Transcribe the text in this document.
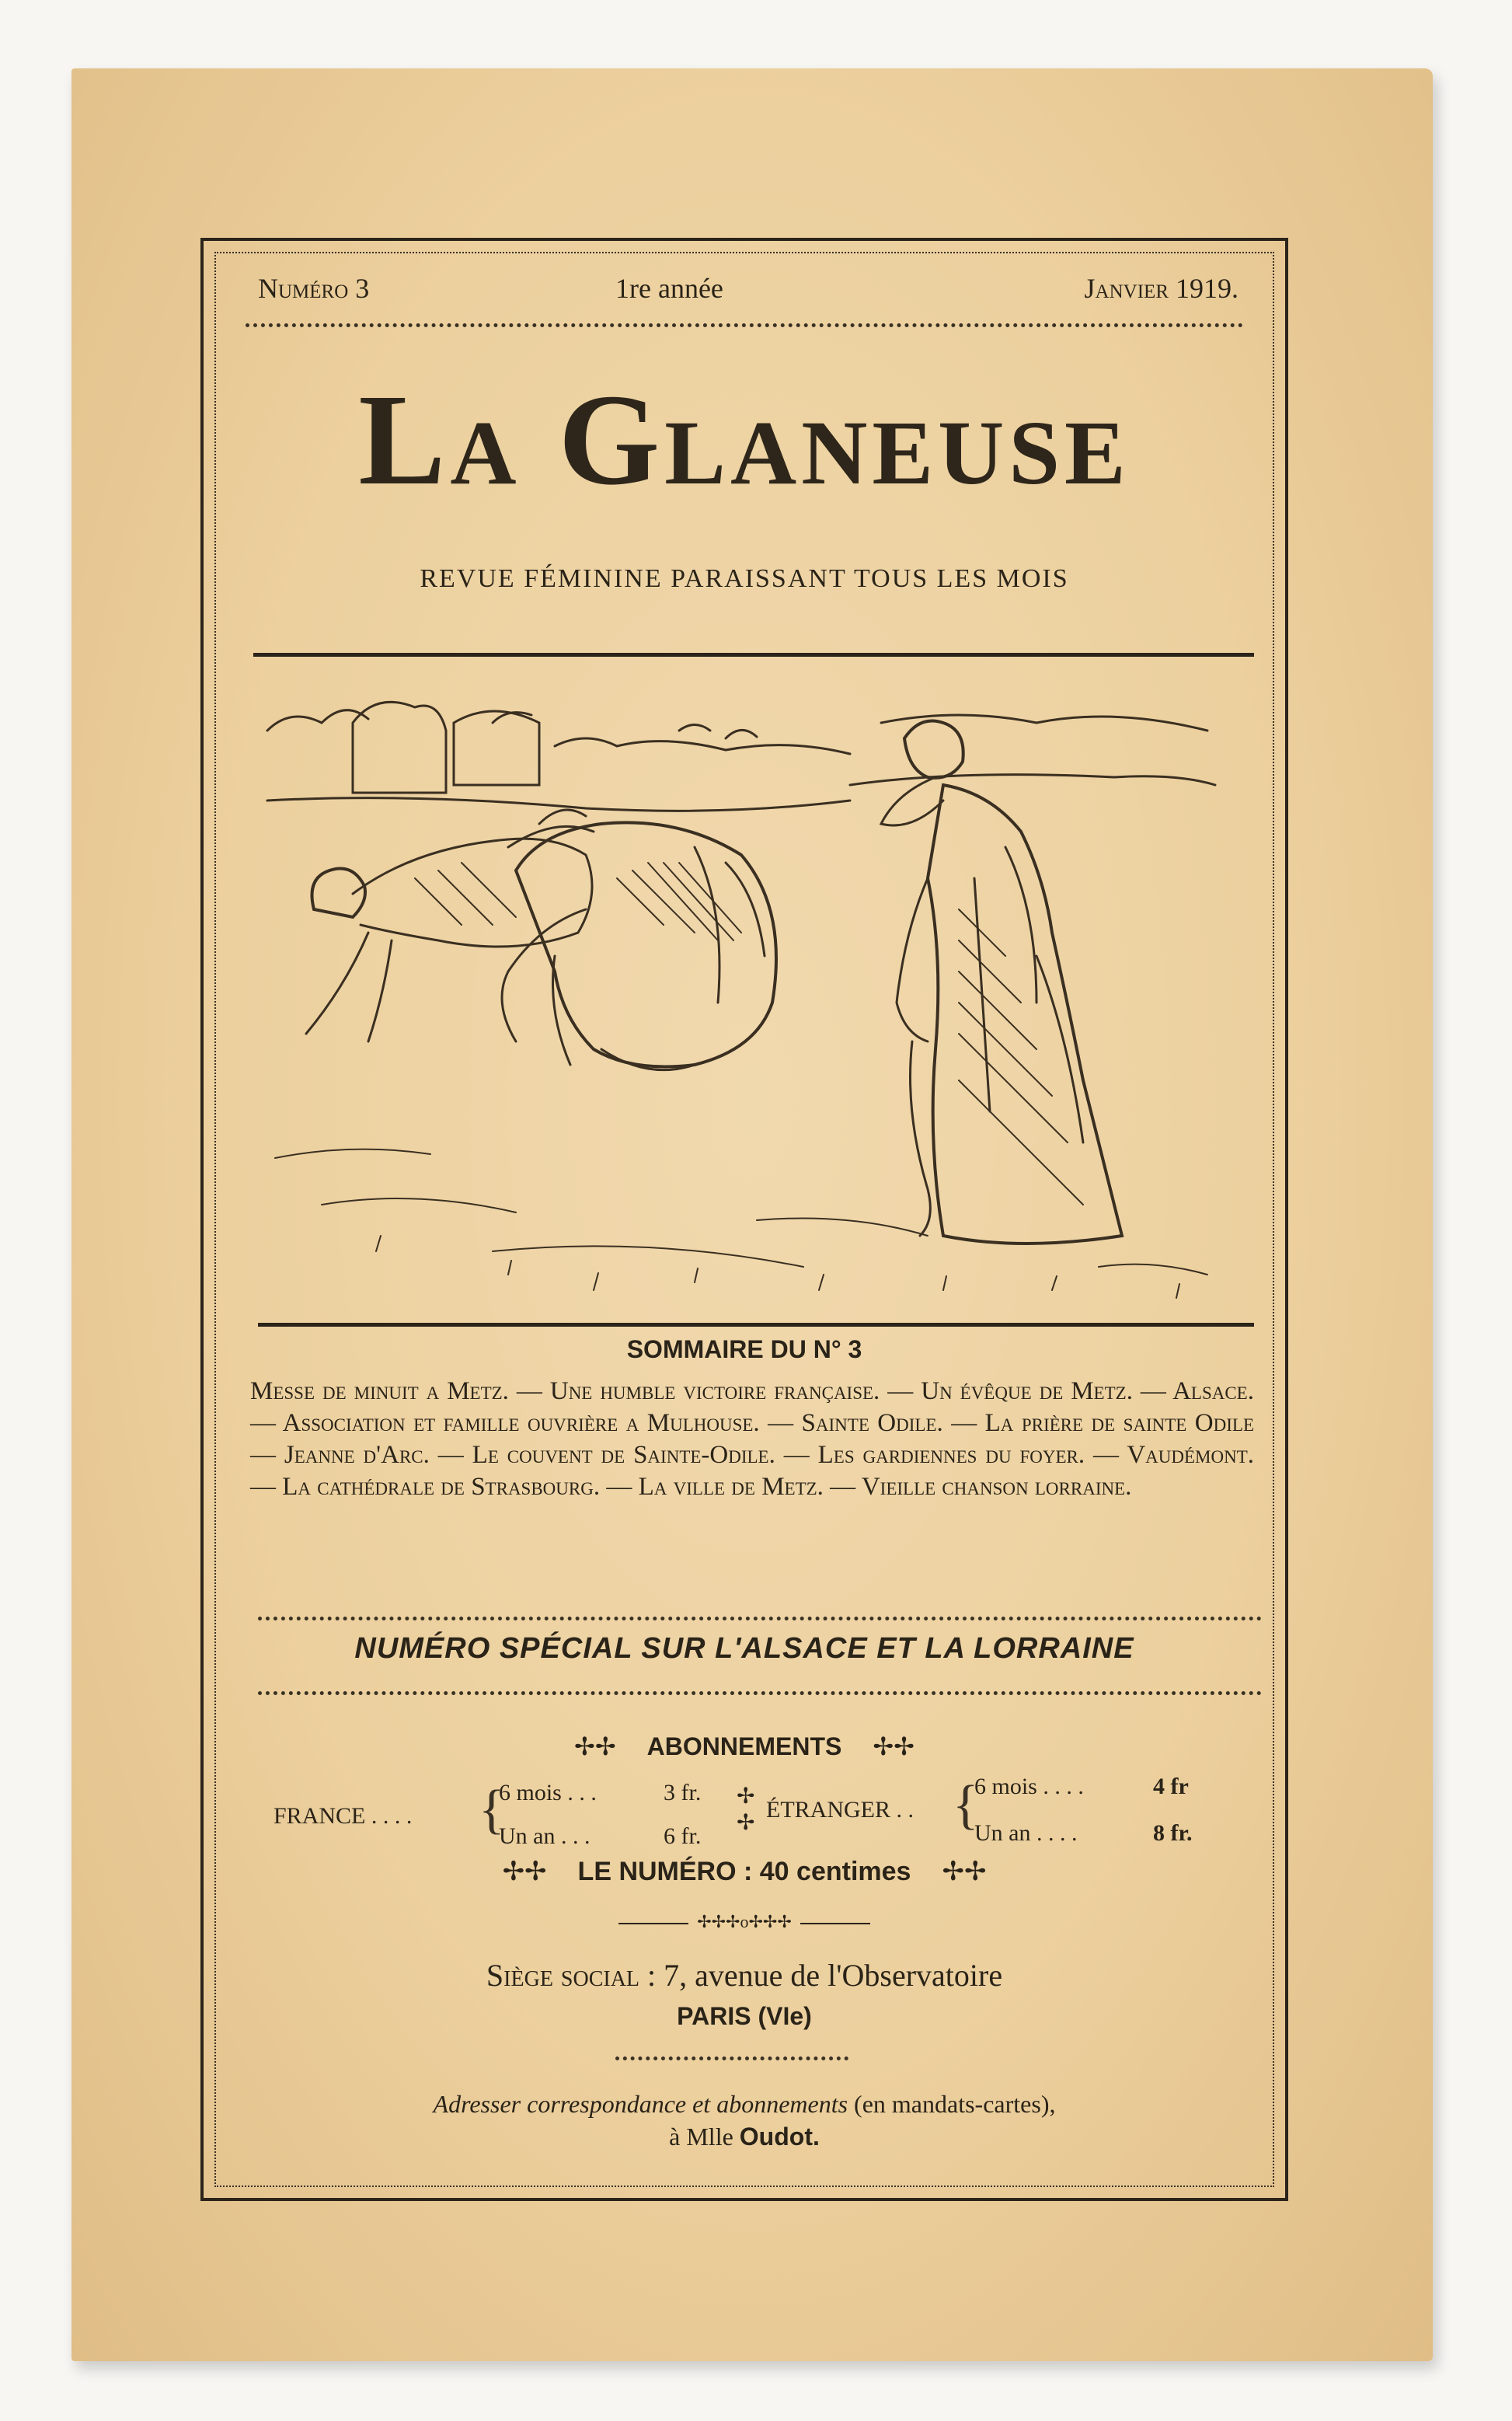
Numéro 3	1re année	Janvier 1919.
La Glaneuse
REVUE FÉMININE PARAISSANT TOUS LES MOIS
SOMMAIRE DU N° 3
Messe de minuit a Metz. — Une humble victoire française. — Un évêque de Metz. — Alsace. — Association et famille ouvrière a Mulhouse. — Sainte Odile. — La prière de sainte Odile — Jeanne d'Arc. — Le couvent de Sainte-Odile. — Les gardiennes du foyer. — Vaudémont. — La cathédrale de Strasbourg. — La ville de Metz. — Vieille chanson lorraine.
NUMÉRO SPÉCIAL SUR L'ALSACE ET LA LORRAINE
✢✢ ABONNEMENTS ✢✢
FRANCE . . . . {
6 mois . . .	3 fr.
Un an . . .	6 fr.
✢
✢
ÉTRANGER . . {
6 mois . . . .	4 fr
Un an . . . .	8 fr.
✢✢ LE NUMÉRO : 40 centimes ✢✢
✢✢✢o✢✢✢
Siège social : 7, avenue de l'Observatoire
PARIS (VIe)
Adresser correspondance et abonnements (en mandats-cartes),
à Mlle Oudot.
